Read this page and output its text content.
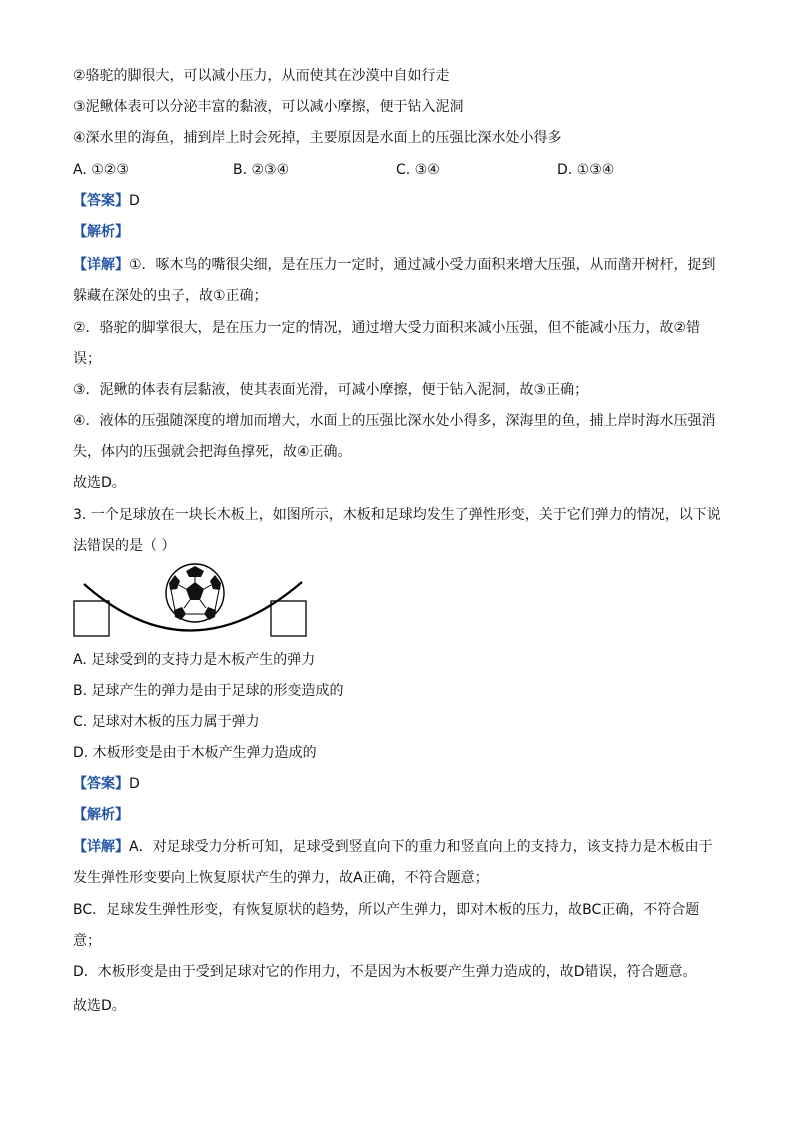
②骆驼的脚很大，可以减小压力，从而使其在沙漠中自如行走
③泥鳅体表可以分泌丰富的黏液，可以减小摩擦，便于钻入泥洞
④深水里的海鱼，捕到岸上时会死掉，主要原因是水面上的压强比深水处小得多
A. ①②③	B. ②③④	C. ③④	D. ①③④
【答案】D
【解析】
【详解】①．啄木鸟的嘴很尖细，是在压力一定时，通过减小受力面积来增大压强，从而凿开树杆，捉到
躲藏在深处的虫子，故①正确；
②．骆驼的脚掌很大，是在压力一定的情况，通过增大受力面积来减小压强，但不能减小压力，故②错
误；
③．泥鳅的体表有层黏液，使其表面光滑，可减小摩擦，便于钻入泥洞，故③正确；
④．液体的压强随深度的增加而增大，水面上的压强比深水处小得多，深海里的鱼，捕上岸时海水压强消
失，体内的压强就会把海鱼撑死，故④正确。
故选D。
3. 一个足球放在一块长木板上，如图所示，木板和足球均发生了弹性形变，关于它们弹力的情况，以下说
法错误的是（ ）
A. 足球受到的支持力是木板产生的弹力
B. 足球产生的弹力是由于足球的形变造成的
C. 足球对木板的压力属于弹力
D. 木板形变是由于木板产生弹力造成的
【答案】D
【解析】
【详解】A．对足球受力分析可知，足球受到竖直向下的重力和竖直向上的支持力，该支持力是木板由于
发生弹性形变要向上恢复原状产生的弹力，故A正确，不符合题意；
BC．足球发生弹性形变，有恢复原状的趋势，所以产生弹力，即对木板的压力，故BC正确，不符合题
意；
D．木板形变是由于受到足球对它的作用力，不是因为木板要产生弹力造成的，故D错误，符合题意。
故选D。
